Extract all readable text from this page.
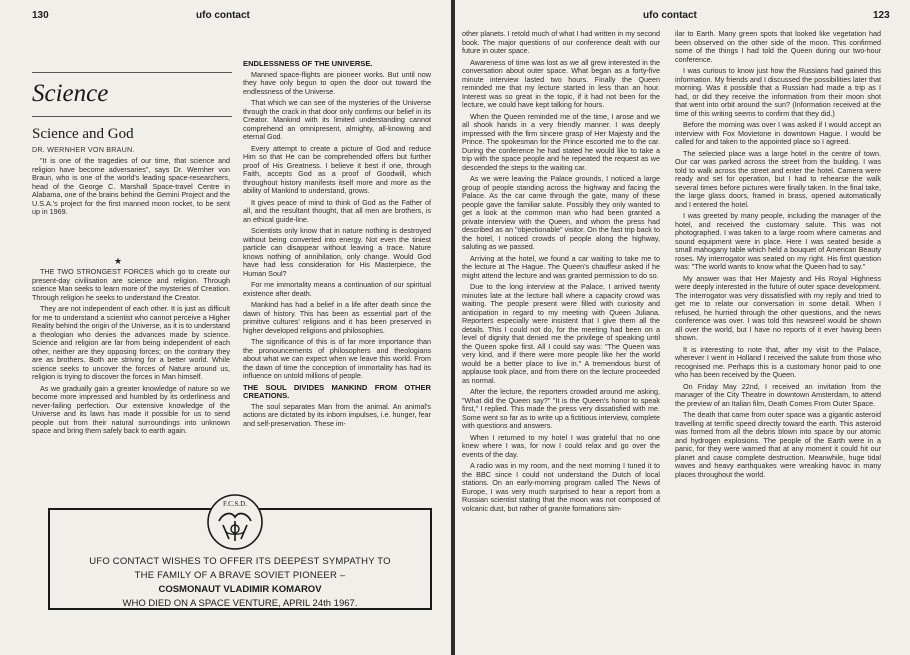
130	ufo contact
Science
Science and God
DR. WERNHER VON BRAUN.

"It is one of the tragedies of our time, that science and religion have become adversaries", says Dr. Wernher von Braun, who is one of the world's leading space-researchers, head of the George C. Marshall Space-travel Centre in Alabama, one of the brains behind the Gemini Project and the U.S.A.'s project for the first manned moon rocket, to be sent up in 1969.

★

THE TWO STRONGEST FORCES which go to create our present-day civilisation are science and religion. Through science Man seeks to learn more of the mysteries of Creation. Through religion he seeks to understand the Creator.

They are not independent of each other. It is just as difficult for me to understand a scientist who cannot perceive a Higher Reality behind the origin of the Universe, as it is to understand a theologian who denies the advances made by science. Science and religion are far from being independent of each other, neither are they opposing forces; on the contrary they are as brothers. Both are striving for a better world. While science seeks to uncover the forces of Nature around us, religion is trying to discover the forces in Man himself.

As we gradually gain a greater knowledge of nature so we become more impressed and humbled by its orderliness and never-failing perfection. Our extensive knowledge of the Universe and its laws has made it possible for us to send people out from their natural surroundings into unknown space and bring them safely back to earth again.

ENDLESSNESS OF THE UNIVERSE.

Manned space-flights are pioneer works. But until now they have only begun to open the door out toward the endlessness of the Universe.

That which we can see of the mysteries of the Universe through the crack in that door only confirms our belief in its Creator. Mankind with its limited understanding cannot comprehend an omnipresent, almighty, all-knowing and eternal God.

Every attempt to create a picture of God and reduce Him so that He can be comprehended offers but further proof of His Greatness. I believe it best if one, through Faith, accepts God as a proof of Goodwill, which throughout history manifests itself more and more as the ability of Mankind to understand, grows.

It gives peace of mind to think of God as the Father of all, and the resultant thought, that all men are brothers, is an ethical guide-line.

Scientists only know that in nature nothing is destroyed without being converted into energy. Not even the tiniest particle can disappear without leaving a trace. Nature knows nothing of annihilation, only change. Would God have had less consideration for His Masterpiece, the Human Soul?

For me immortality means a continuation of our spiritual existence after death.

Mankind has had a belief in a life after death since the dawn of history. This has been as essential part of the primitive cultures' religions and it has been preserved in higher developed religions and philosophies.

The significance of this is of far more importance than the pronouncements of philosophers and theologians about what we can expect when we leave this world. From the dawn of time the conception of immortality has had its influence on untold millions of people.

THE SOUL DIVIDES MANKIND FROM OTHER CREATIONS.

The soul separates Man from the animal. An animal's actions are dictated by its inborn impulses, i.e. hunger, fear and self-preservation. These im-

UFO CONTACT WISHES TO OFFER ITS DEEPEST SYMPATHY TO
THE FAMILY OF A BRAVE SOVIET PIONEER –
COSMONAUT VLADIMIR KOMAROV
WHO DIED ON A SPACE VENTURE, APRIL 24th 1967.
F.C.S.D.
ufo contact	123

other planets. I retold much of what I had written in my second book. The major questions of our conference dealt with our future in outer space.

Awareness of time was lost as we all grew interested in the conversation about outer space. What began as a forty-five minute interview lasted two hours. Finally the Queen reminded me that my lecture started in less than an hour. Interest was so great in the topic, if it had not been for the lecture, we could have kept talking for hours.

When the Queen reminded me of the time, I arose and we all shook hands in a very friendly manner. I was deeply impressed with the firm sincere grasp of Her Majesty and the Prince. The spokesman for the Prince escorted me to the car. During the conference he had stated he would like to take a trip with the space people and he repeated the request as we descended the steps to the waiting car.

As we were leaving the Palace grounds, I noticed a large group of people standing across the highway and facing the Palace. As the car came through the gate, many of these people gave the familiar salute. Possibly they only wanted to get a look at the common man who had been granted a private interview with the Queen, and whom the press had described as an "objectionable" visitor. On the fast trip back to the hotel, I noticed crowds of people along the highway, saluting as we passed.

Arriving at the hotel, we found a car waiting to take me to the lecture at The Hague. The Queen's chauffeur asked if he might attend the lecture and was granted permission to do so.

Due to the long interview at the Palace, I arrived twenty minutes late at the lecture hall where a capacity crowd was waiting. The people present were filled with curiosity and anticipation in regard to my meeting with Queen Juliana. Reporters especially were insistent that I give them all the details. This I could not do, for the meeting had been on a level of dignity that denied me the privilege of speaking until the Queen spoke first. All I could say was: "The Queen was very kind, and if there were more people like her the world would be a better place to live in." A tremendous burst of applause took place, and from there on the lecture proceeded as normal.

After the lecture, the reporters crowded around me asking, "What did the Queen say?" "It is the Queen's honor to speak first," I replied. This made the press very dissatisfied with me. Some went so far as to write up a fictitious interview, complete with questions and answers.

When I returned to my hotel I was grateful that no one knew where I was, for now I could relax and go over the events of the day.

A radio was in my room, and the next morning I tuned it to the BBC since I could not understand the Dutch of local stations. On an early-morning program called The News of Europe, I was very much surprised to hear a report from a Russian scientist stating that the moon was not composed of volcanic dust, but rather of granite formations sim-

ilar to Earth. Many green spots that looked like vegetation had been observed on the other side of the moon. This confirmed some of the things I had told the Queen during our two-hour conference.

I was curious to know just how the Russians had gained this information. My friends and I discussed the possibilities later that morning. Was it possible that a Russian had made a trip as I had, or did they receive the information from their moon shot that went into orbit around the sun? (Information received at the time of this writing seems to confirm that they did.)

Before the morning was over I was asked if I would accept an interview with Fox Movietone in downtown Hague. I would be called for and taken to the appointed place so I agreed.

The selected place was a large hotel in the centre of town. Our car was parked across the street from the building. I was told to walk across the street and enter the hotel. Camera were ready and set for operation, but I had to rehearse the walk several times before pictures were finally taken. In the final take, the large glass doors, framed in brass, opened automatically and I entered the hotel.

I was greeted by many people, including the manager of the hotel, and received the customary salute. This was not photographed. I was taken to a large room where cameras and sound equipment were in place. Here I was seated beside a small mahogany table which held a bouquet of American Beauty roses. My interrogator was seated on my right. His first question was: "The world wants to know what the Queen had to say."

My answer was that Her Majesty and His Royal Highness were deeply interested in the future of outer space development. The interrogator was very dissatisfied with my reply and tried to get me to relate our conversation in some detail. When I refused, he hurried through the other questions, and the news conference was over. I was told this newsreel would be shown all over the world, but I have no reports of it ever having been shown.

It is interesting to note that, after my visit to the Palace, wherever I went in Holland I received the salute from those who recognised me. Perhaps this is a customary honor paid to one who has been received by the Queen.

On Friday May 22nd, I received an invitation from the manager of the City Theatre in downtown Amsterdam, to attend the preview of an Italian film, Death Comes From Outer Space.

The death that came from outer space was a gigantic asteroid travelling at terrific speed directly toward the earth. This asteroid was formed from all the debris blown into space by our atomic and hydrogen explosions. The people of the Earth were in a panic, for they were warned that at any moment it could hit our planet and cause complete destruction. Meanwhile, huge tidal waves and heavy earthquakes were wreaking havoc in many places throughout the world.
